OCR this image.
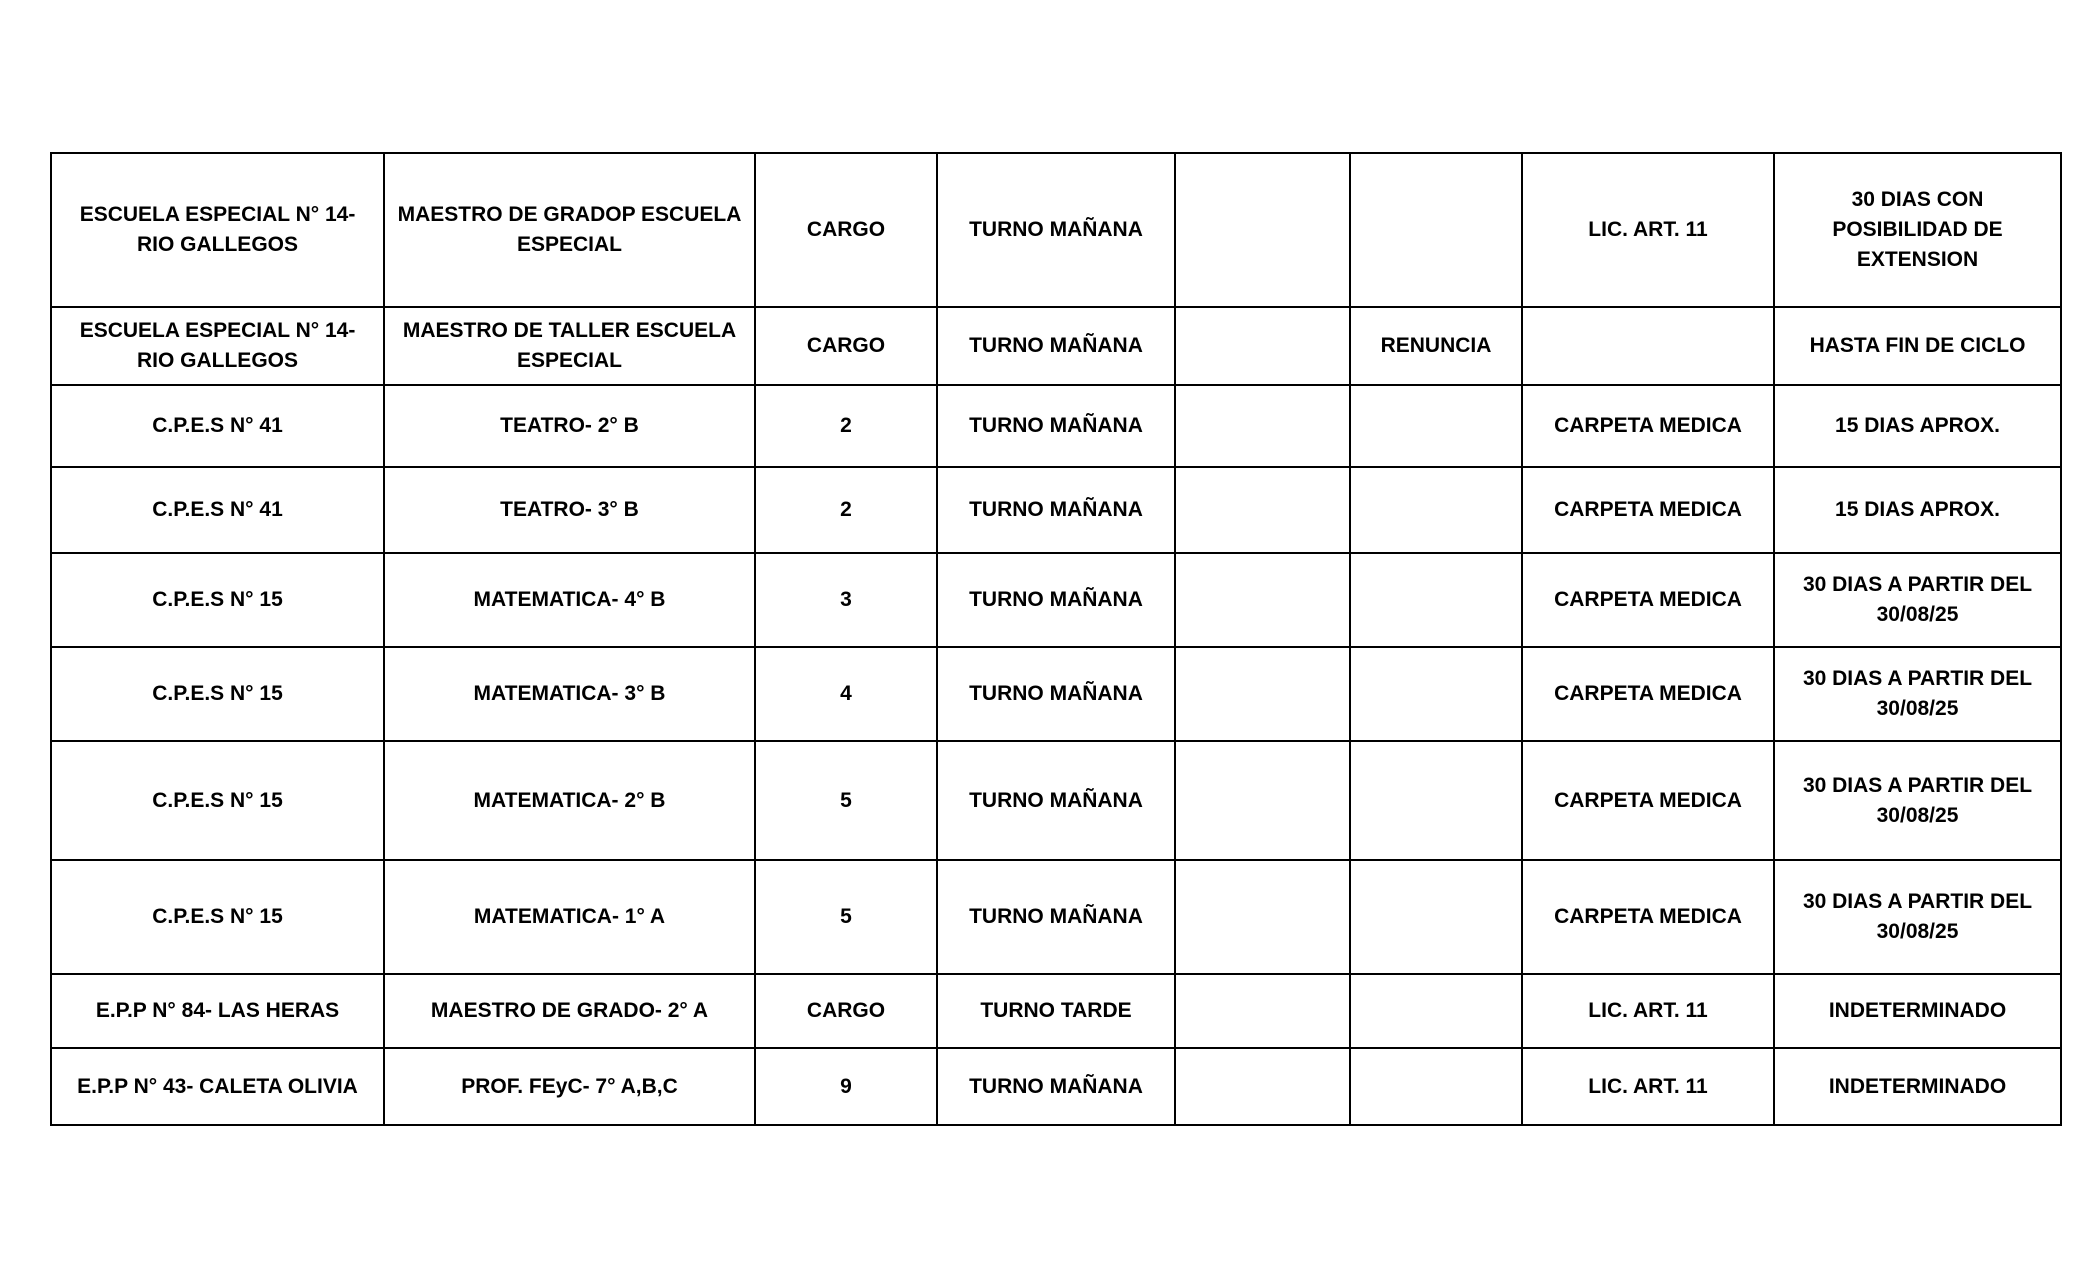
ESCUELA ESPECIAL N° 14- RIO GALLEGOS	MAESTRO DE GRADOP ESCUELA ESPECIAL	CARGO	TURNO MAÑANA			LIC. ART. 11	30 DIAS CON POSIBILIDAD DE EXTENSION
ESCUELA ESPECIAL N° 14- RIO GALLEGOS	MAESTRO DE TALLER ESCUELA ESPECIAL	CARGO	TURNO MAÑANA		RENUNCIA		HASTA FIN DE CICLO
C.P.E.S N° 41	TEATRO- 2° B	2	TURNO MAÑANA			CARPETA MEDICA	15 DIAS APROX.
C.P.E.S N° 41	TEATRO- 3° B	2	TURNO MAÑANA			CARPETA MEDICA	15 DIAS APROX.
C.P.E.S N° 15	MATEMATICA- 4° B	3	TURNO MAÑANA			CARPETA MEDICA	30 DIAS A PARTIR DEL 30/08/25
C.P.E.S N° 15	MATEMATICA- 3° B	4	TURNO MAÑANA			CARPETA MEDICA	30 DIAS A PARTIR DEL 30/08/25
C.P.E.S N° 15	MATEMATICA- 2° B	5	TURNO MAÑANA			CARPETA MEDICA	30 DIAS A PARTIR DEL 30/08/25
C.P.E.S N° 15	MATEMATICA- 1° A	5	TURNO MAÑANA			CARPETA MEDICA	30 DIAS A PARTIR DEL 30/08/25
E.P.P N° 84- LAS HERAS	MAESTRO DE GRADO- 2° A	CARGO	TURNO TARDE			LIC. ART. 11	INDETERMINADO
E.P.P N° 43- CALETA OLIVIA	PROF. FEyC- 7° A,B,C	9	TURNO MAÑANA			LIC. ART. 11	INDETERMINADO
